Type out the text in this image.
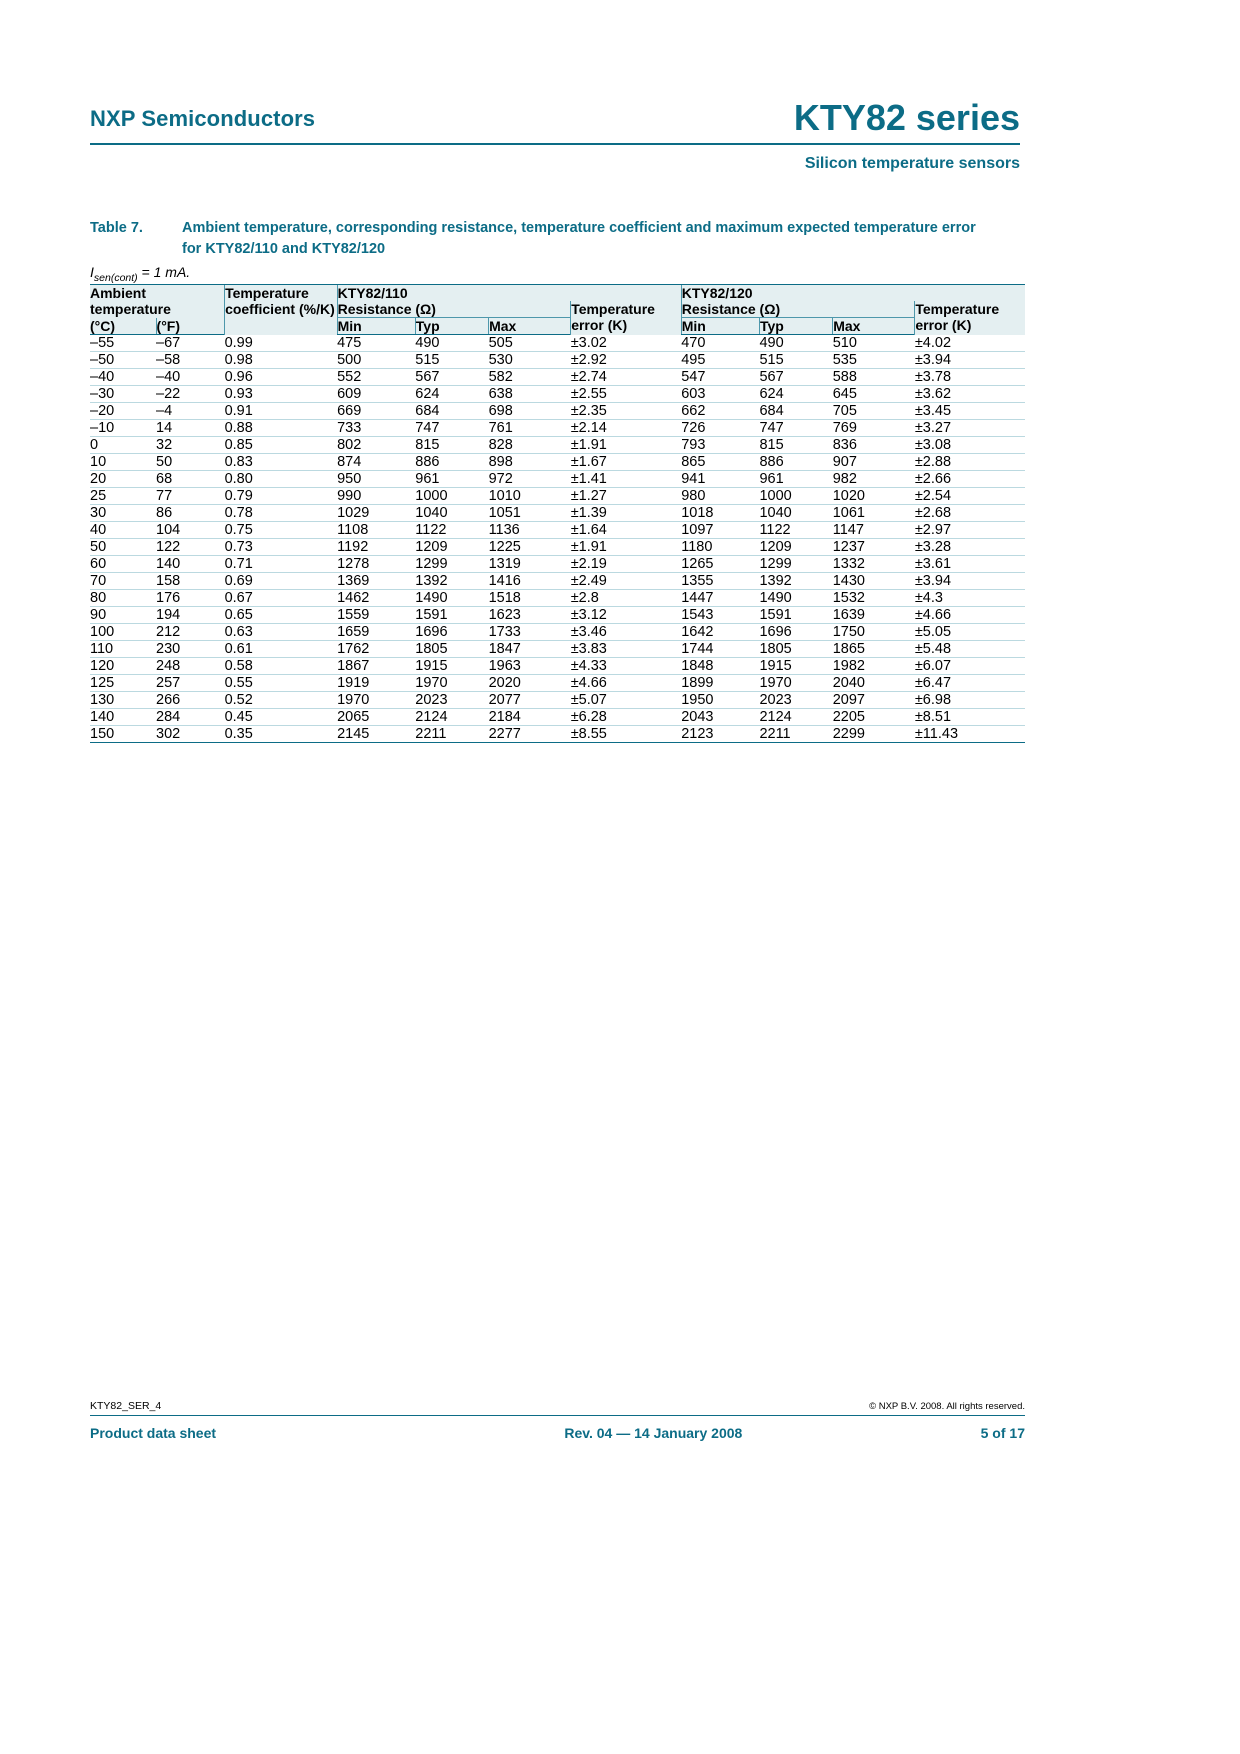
NXP Semiconductors	KTY82 series
Silicon temperature sensors
Table 7.	Ambient temperature, corresponding resistance, temperature coefficient and maximum expected temperature error for KTY82/110 and KTY82/120
$I_{sen(cont)} = 1$ mA.
Ambient temperature		Temperature coefficient (%/K)	KTY82/110				KTY82/120			
			Resistance (Ω)			Temperature error (K)	Resistance (Ω)			Temperature error (K)
(°C)	(°F)		Min	Typ	Max		Min	Typ	Max	
–55	–67	0.99	475	490	505	±3.02	470	490	510	±4.02
–50	–58	0.98	500	515	530	±2.92	495	515	535	±3.94
–40	–40	0.96	552	567	582	±2.74	547	567	588	±3.78
–30	–22	0.93	609	624	638	±2.55	603	624	645	±3.62
–20	–4	0.91	669	684	698	±2.35	662	684	705	±3.45
–10	14	0.88	733	747	761	±2.14	726	747	769	±3.27
0	32	0.85	802	815	828	±1.91	793	815	836	±3.08
10	50	0.83	874	886	898	±1.67	865	886	907	±2.88
20	68	0.80	950	961	972	±1.41	941	961	982	±2.66
25	77	0.79	990	1000	1010	±1.27	980	1000	1020	±2.54
30	86	0.78	1029	1040	1051	±1.39	1018	1040	1061	±2.68
40	104	0.75	1108	1122	1136	±1.64	1097	1122	1147	±2.97
50	122	0.73	1192	1209	1225	±1.91	1180	1209	1237	±3.28
60	140	0.71	1278	1299	1319	±2.19	1265	1299	1332	±3.61
70	158	0.69	1369	1392	1416	±2.49	1355	1392	1430	±3.94
80	176	0.67	1462	1490	1518	±2.8	1447	1490	1532	±4.3
90	194	0.65	1559	1591	1623	±3.12	1543	1591	1639	±4.66
100	212	0.63	1659	1696	1733	±3.46	1642	1696	1750	±5.05
110	230	0.61	1762	1805	1847	±3.83	1744	1805	1865	±5.48
120	248	0.58	1867	1915	1963	±4.33	1848	1915	1982	±6.07
125	257	0.55	1919	1970	2020	±4.66	1899	1970	2040	±6.47
130	266	0.52	1970	2023	2077	±5.07	1950	2023	2097	±6.98
140	284	0.45	2065	2124	2184	±6.28	2043	2124	2205	±8.51
150	302	0.35	2145	2211	2277	±8.55	2123	2211	2299	±11.43
KTY82_SER_4	© NXP B.V. 2008. All rights reserved.
Product data sheet	Rev. 04 — 14 January 2008	5 of 17
